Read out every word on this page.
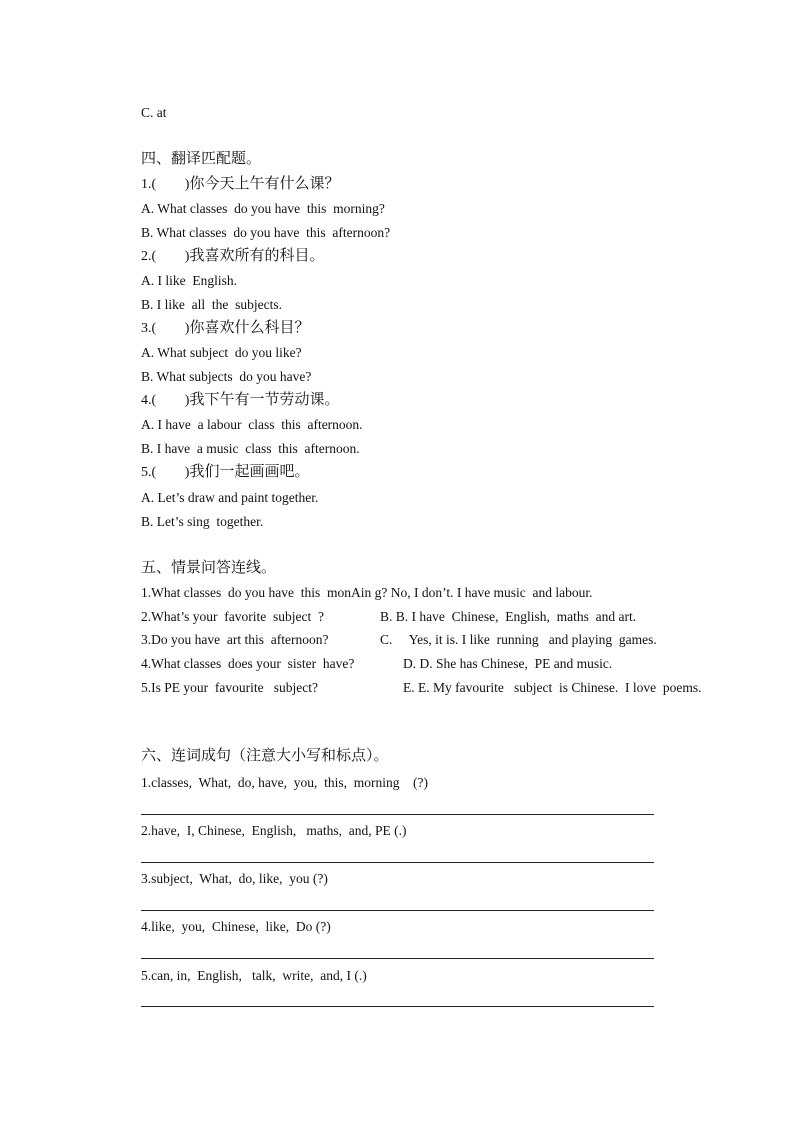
C. at
四、翻译匹配题。
1.( )你今天上午有什么课？
A. What classes  do you have  this  morning?
B. What classes  do you have  this  afternoon?
2.( )我喜欢所有的科目。
A. I like  English.
B. I like  all  the  subjects.
3.( )你喜欢什么科目？
A. What subject  do you like?
B. What subjects  do you have?
4.( )我下午有一节劳动课。
A. I have  a labour  class  this  afternoon.
B. I have  a music  class  this  afternoon.
5.( )我们一起画画吧。
A. Let’s draw and paint together.
B. Let’s sing  together.
五、情景问答连线。
1.What classes  do you have  this  monAin g? No, I don’t. I have music  and labour.
2.What’s your  favorite  subject  ?	B. B. I have  Chinese,  English,  maths  and art.
3.Do you have  art this  afternoon?	C.     Yes, it is. I like  running   and playing  games.
4.What classes  does your  sister  have?	D. D. She has Chinese,  PE and music.
5.Is PE your  favourite   subject?	E. E. My favourite   subject  is Chinese.  I love  poems.
六、连词成句（注意大小写和标点）。
1.classes,  What,  do, have,  you,  this,  morning    (?)
2.have,  I, Chinese,  English,   maths,  and, PE (.)
3.subject,  What,  do, like,  you (?)
4.like,  you,  Chinese,  like,  Do (?)
5.can, in,  English,   talk,  write,  and, I (.)
